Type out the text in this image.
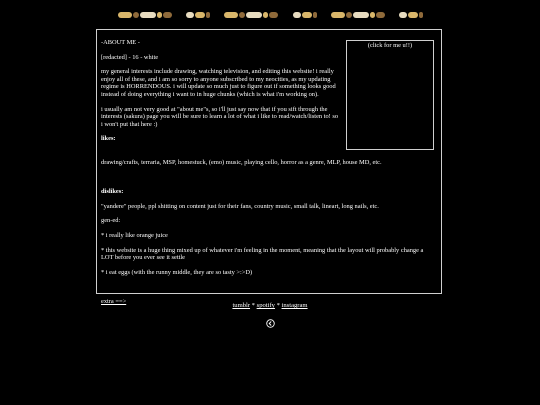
-ABOUT ME -

[redacted] - 16 - white

my general interests include drawing, watching television, and editing this website! i really enjoy all of these, and i am so sorry to anyone subscribed to my neocities, as my updating regime is HORRENDOUS. i will update so much just to figure out if something looks good instead of doing everything i want to in huge chunks (which is what i'm working on).

i usually am not very good at "about me"s, so i'll just say now that if you sift through the interests (sakura) page you will be sure to learn a lot of what i like to read/watch/listen to! so i won't put that here :)

likes:

(click for me u!!)

drawing/crafts, terraria, MSP, homestuck, (emo) music, playing cello, horror as a genre, MLP, house MD, etc.

dislikes:

"yandere" people, ppl shitting on content just for their fans, country music, small talk, lineart, long nails, etc.

gen-ed:

* i really like orange juice

* this website is a huge thing mixed up of whatever i'm feeling in the moment, meaning that the layout will probably change a LOT before you ever see it settle

* i eat eggs (with the runny middle, they are so tasty >:>D)

extra ==>

tumblr * spotify * instagram
